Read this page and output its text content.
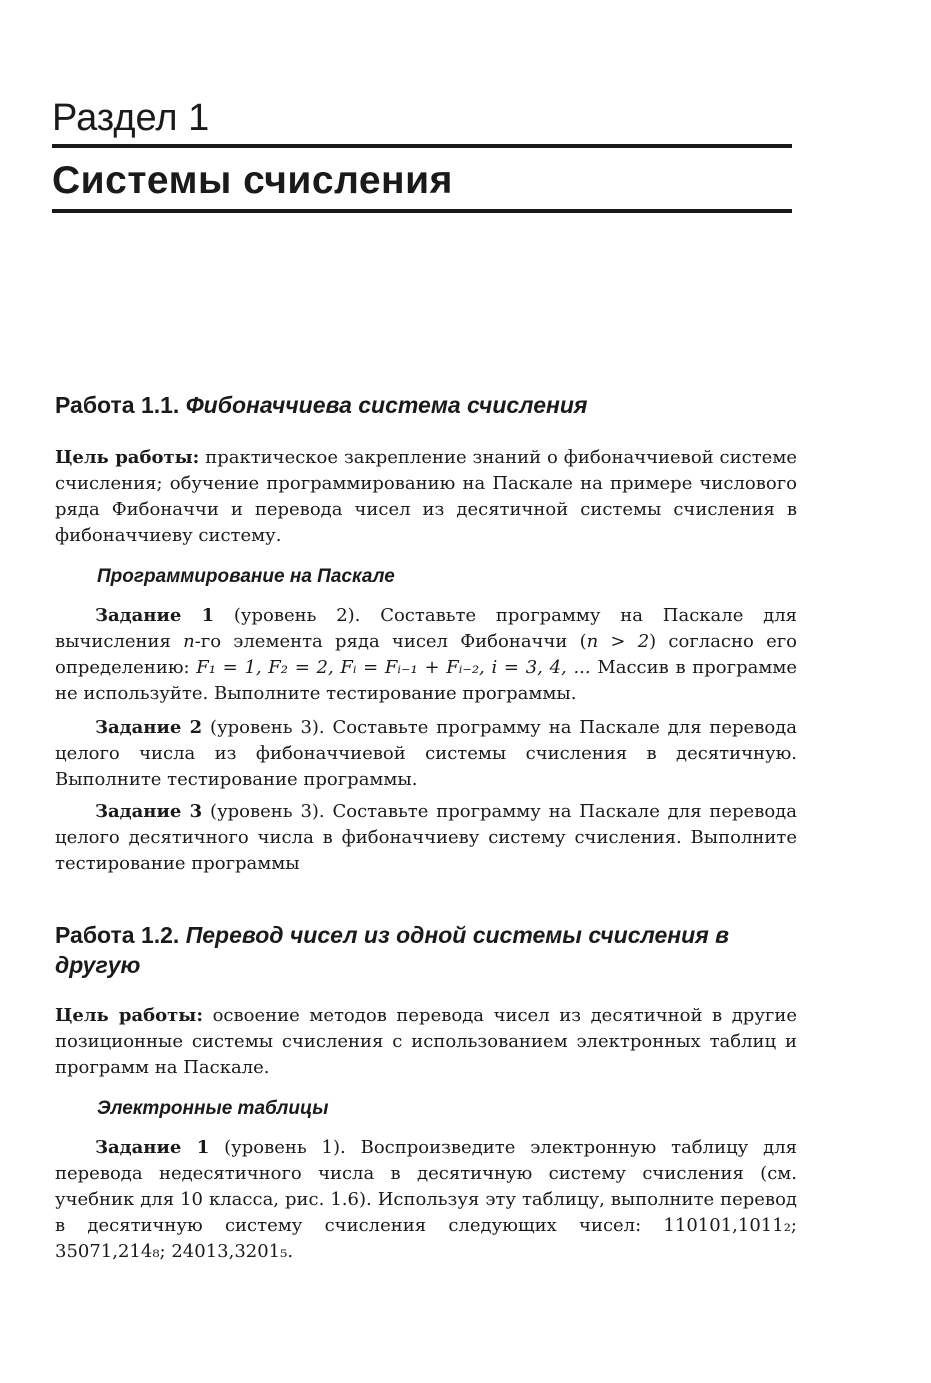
Раздел 1
Системы счисления
Работа 1.1. Фибоначчиева система счисления

Цель работы: практическое закрепление знаний о фибоначчиевой системе счисления; обучение программированию на Паскале на примере числового ряда Фибоначчи и перевода чисел из десятичной системы счисления в фибоначчиеву систему.

Программирование на Паскале

Задание 1 (уровень 2). Составьте программу на Паскале для вычисления n-го элемента ряда чисел Фибоначчи (n > 2) согласно его определению: F₁ = 1, F₂ = 2, Fᵢ = Fᵢ₋₁ + Fᵢ₋₂, i = 3, 4, ... Массив в программе не используйте. Выполните тестирование программы.

Задание 2 (уровень 3). Составьте программу на Паскале для перевода целого числа из фибоначчиевой системы счисления в десятичную. Выполните тестирование программы.

Задание 3 (уровень 3). Составьте программу на Паскале для перевода целого десятичного числа в фибоначчиеву систему счисления. Выполните тестирование программы

Работа 1.2. Перевод чисел из одной системы счисления в другую

Цель работы: освоение методов перевода чисел из десятичной в другие позиционные системы счисления с использованием электронных таблиц и программ на Паскале.

Электронные таблицы

Задание 1 (уровень 1). Воспроизведите электронную таблицу для перевода недесятичного числа в десятичную систему счисления (см. учебник для 10 класса, рис. 1.6). Используя эту таблицу, выполните перевод в десятичную систему счисления следующих чисел: 110101,1011₂; 35071,214₈; 24013,3201₅.
